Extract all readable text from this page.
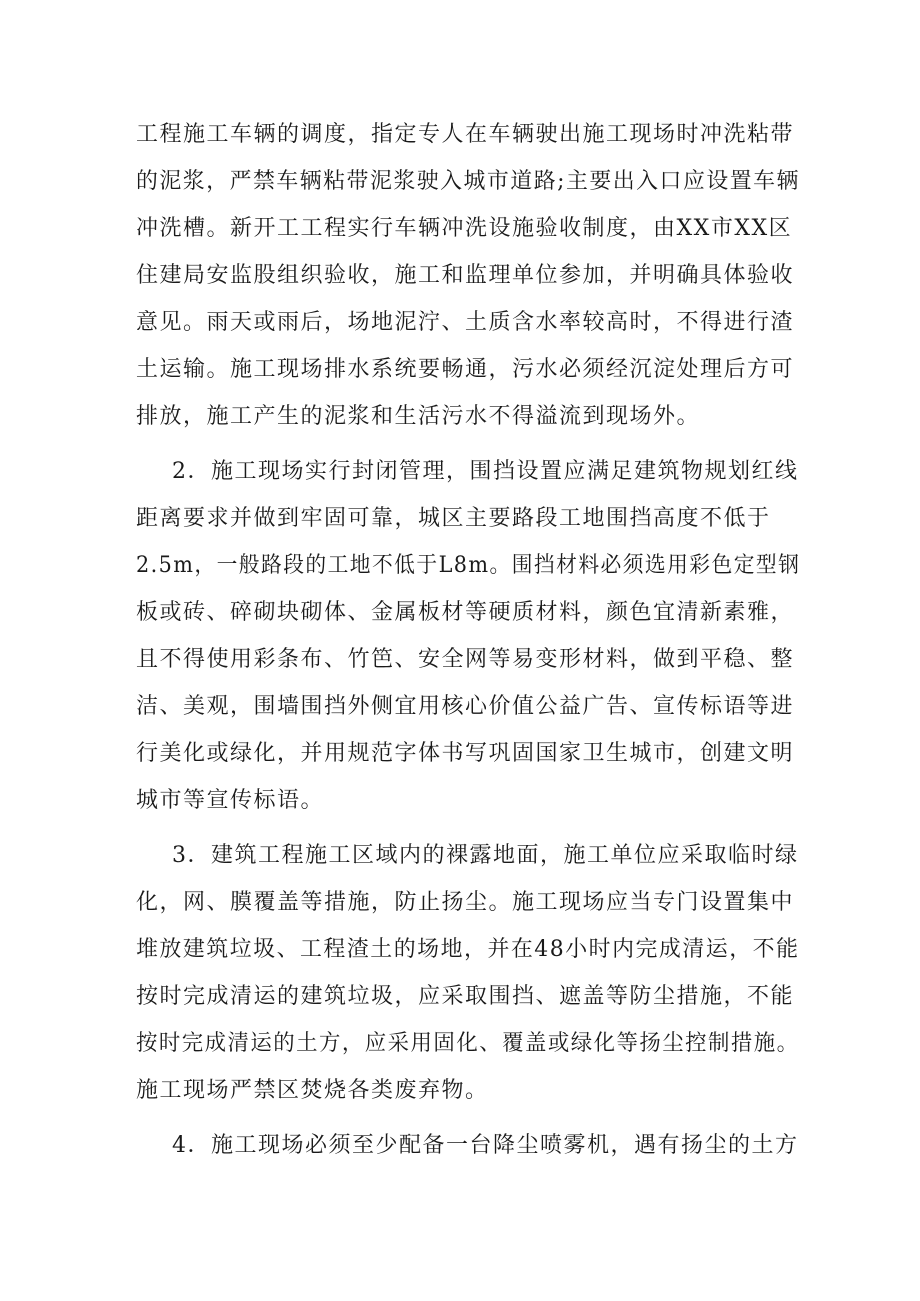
工程施工车辆的调度，指定专人在车辆驶出施工现场时冲洗粘带
的泥浆，严禁车辆粘带泥浆驶入城市道路;主要出入口应设置车辆
冲洗槽。新开工工程实行车辆冲洗设施验收制度，由XX市XX区
住建局安监股组织验收，施工和监理单位参加，并明确具体验收
意见。雨天或雨后，场地泥泞、土质含水率较高时，不得进行渣
土运输。施工现场排水系统要畅通，污水必须经沉淀处理后方可
排放，施工产生的泥浆和生活污水不得溢流到现场外。
2．施工现场实行封闭管理，围挡设置应满足建筑物规划红线
距离要求并做到牢固可靠，城区主要路段工地围挡高度不低于
2.5m，一般路段的工地不低于L8m。围挡材料必须选用彩色定型钢
板或砖、碎砌块砌体、金属板材等硬质材料，颜色宜清新素雅，
且不得使用彩条布、竹笆、安全网等易变形材料，做到平稳、整
洁、美观，围墙围挡外侧宜用核心价值公益广告、宣传标语等进
行美化或绿化，并用规范字体书写巩固国家卫生城市，创建文明
城市等宣传标语。
3．建筑工程施工区域内的裸露地面，施工单位应采取临时绿
化，网、膜覆盖等措施，防止扬尘。施工现场应当专门设置集中
堆放建筑垃圾、工程渣土的场地，并在48小时内完成清运，不能
按时完成清运的建筑垃圾，应采取围挡、遮盖等防尘措施，不能
按时完成清运的土方，应采用固化、覆盖或绿化等扬尘控制措施。
施工现场严禁区焚烧各类废弃物。
4．施工现场必须至少配备一台降尘喷雾机，遇有扬尘的土方
